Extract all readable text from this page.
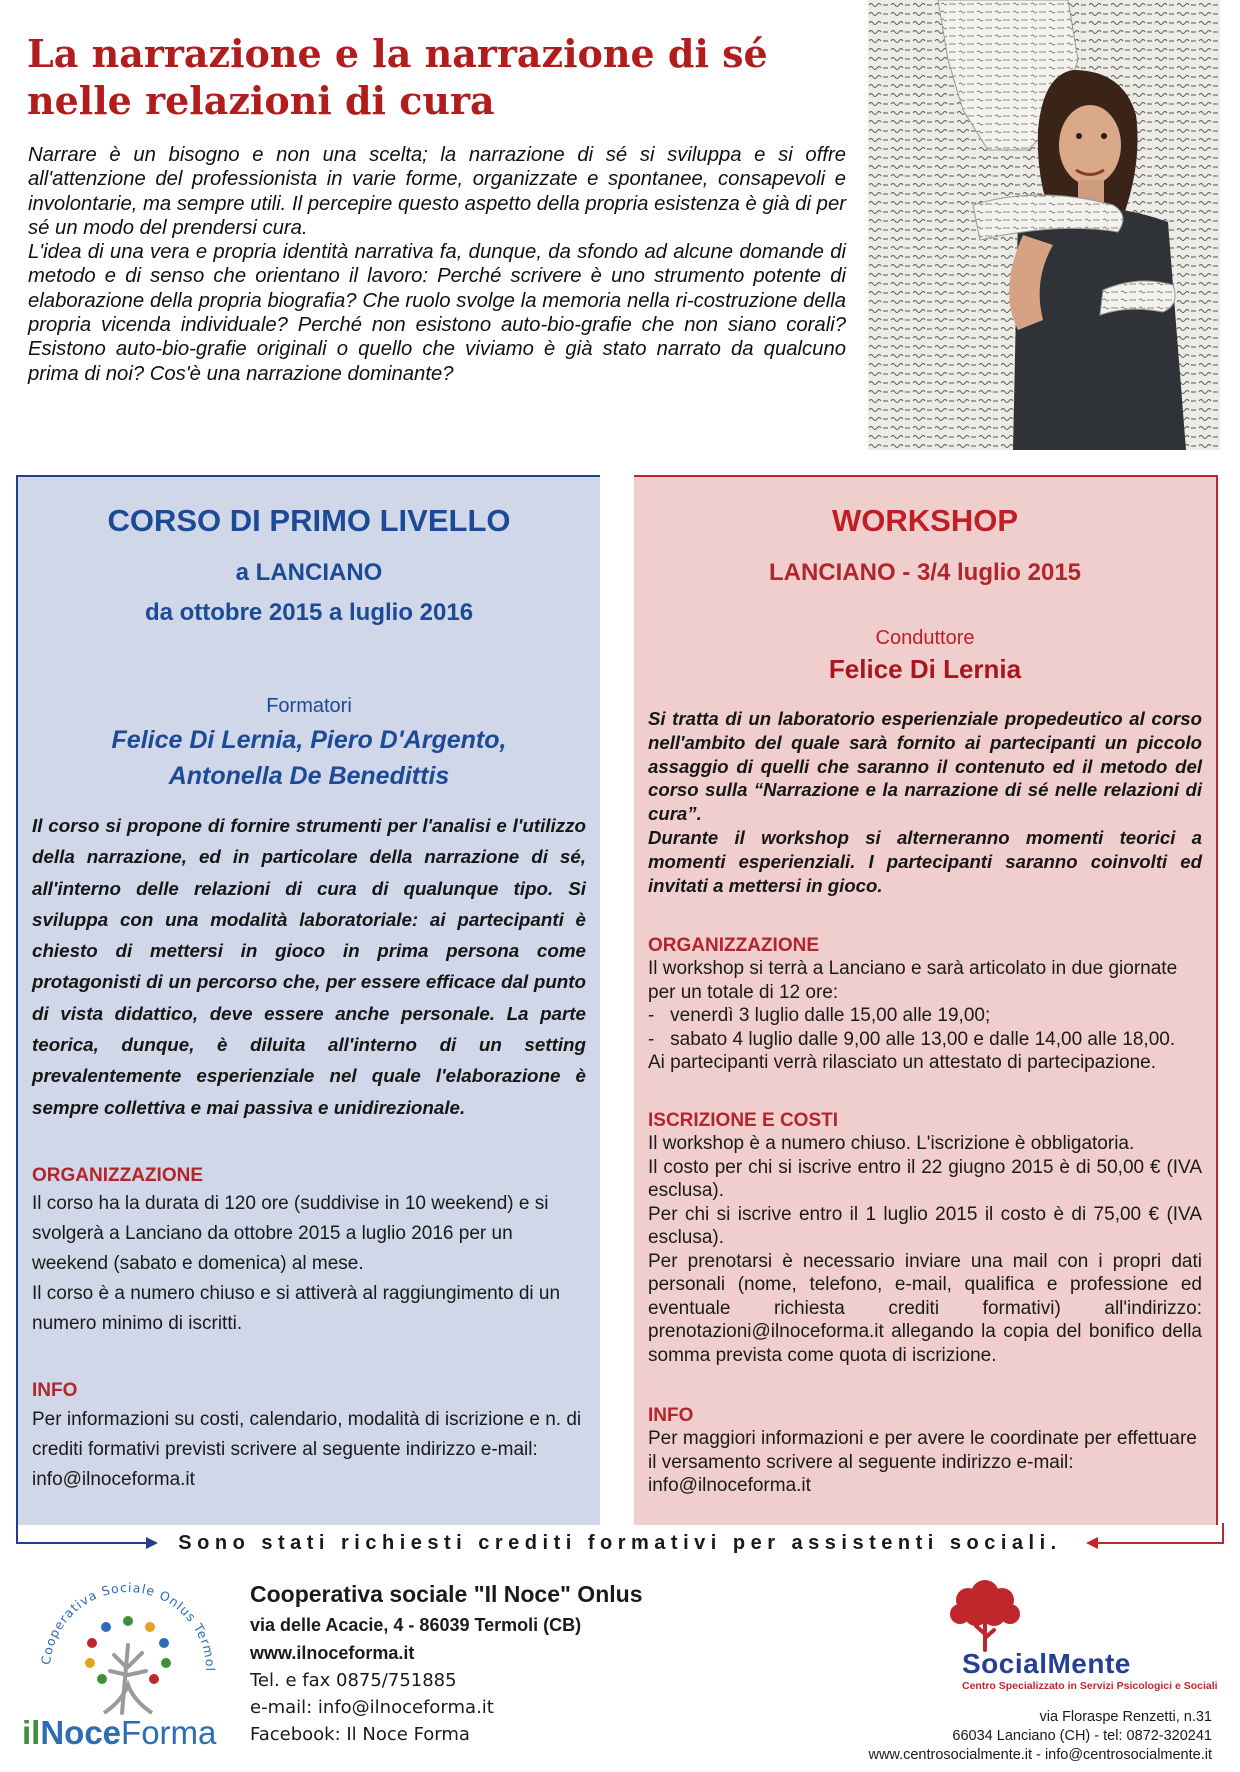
La narrazione e la narrazione di sé
nelle relazioni di cura

Narrare è un bisogno e non una scelta; la narrazione di sé si sviluppa e si offre all'attenzione del professionista in varie forme, organizzate e spontanee, consapevoli e involontarie, ma sempre utili. Il percepire questo aspetto della propria esistenza è già di per sé un modo del prendersi cura.

L'idea di una vera e propria identità narrativa fa, dunque, da sfondo ad alcune domande di metodo e di senso che orientano il lavoro: Perché scrivere è uno strumento potente di elaborazione della propria biografia? Che ruolo svolge la memoria nella ri-costruzione della propria vicenda individuale? Perché non esistono auto-bio-grafie che non siano corali? Esistono auto-bio-grafie originali o quello che viviamo è già stato narrato da qualcuno prima di noi? Cos'è una narrazione dominante?

CORSO DI PRIMO LIVELLO
a LANCIANO
da ottobre 2015 a luglio 2016
Formatori
Felice Di Lernia, Piero D'Argento,
Antonella De Benedittis

Il corso si propone di fornire strumenti per l'analisi e l'utilizzo della narrazione, ed in particolare della narrazione di sé, all'interno delle relazioni di cura di qualunque tipo. Si sviluppa con una modalità laboratoriale: ai partecipanti è chiesto di mettersi in gioco in prima persona come protagonisti di un percorso che, per essere efficace dal punto di vista didattico, deve essere anche personale. La parte teorica, dunque, è diluita all'interno di un setting prevalentemente esperienziale nel quale l'elaborazione è sempre collettiva e mai passiva e unidirezionale.

ORGANIZZAZIONE

Il corso ha la durata di 120 ore (suddivise in 10 weekend) e si svolgerà a Lanciano da ottobre 2015 a luglio 2016 per un weekend (sabato e domenica) al mese.

Il corso è a numero chiuso e si attiverà al raggiungimento di un numero minimo di iscritti.

INFO

Per informazioni su costi, calendario, modalità di iscrizione e n. di crediti formativi previsti scrivere al seguente indirizzo e-mail: info@ilnoceforma.it

WORKSHOP
LANCIANO - 3/4 luglio 2015
Conduttore
Felice Di Lernia

Si tratta di un laboratorio esperienziale propedeutico al corso nell'ambito del quale sarà fornito ai partecipanti un piccolo assaggio di quelli che saranno il contenuto ed il metodo del corso sulla “Narrazione e la narrazione di sé nelle relazioni di cura”.

Durante il workshop si alterneranno momenti teorici a momenti esperienziali. I partecipanti saranno coinvolti ed invitati a mettersi in gioco.

ORGANIZZAZIONE

Il workshop si terrà a Lanciano e sarà articolato in due giornate per un totale di 12 ore:

-   venerdì 3 luglio dalle 15,00 alle 19,00;

-   sabato 4 luglio dalle 9,00 alle 13,00 e dalle 14,00 alle 18,00.

Ai partecipanti verrà rilasciato un attestato di partecipazione.

ISCRIZIONE E COSTI

Il workshop è a numero chiuso. L'iscrizione è obbligatoria.

Il costo per chi si iscrive entro il 22 giugno 2015 è di 50,00 € (IVA esclusa).

Per chi si iscrive entro il 1 luglio 2015 il costo è di 75,00 € (IVA esclusa).

Per prenotarsi è necessario inviare una mail con i propri dati personali (nome, telefono, e-mail, qualifica e professione ed eventuale richiesta crediti formativi) all'indirizzo: prenotazioni@ilnoceforma.it allegando la copia del bonifico della somma prevista come quota di iscrizione.

INFO

Per maggiori informazioni e per avere le coordinate per effettuare il versamento scrivere al seguente indirizzo e-mail: info@ilnoceforma.it

Sono stati richiesti crediti formativi per assistenti sociali.
Cooperativa Sociale Onlus Termol
ilNoceForma
Cooperativa sociale "Il Noce" Onlus
via delle Acacie, 4 - 86039 Termoli (CB)
www.ilnoceforma.it
Tel. e fax 0875/751885
e-mail: info@ilnoceforma.it
Facebook: Il Noce Forma
SocialMente
Centro Specializzato in Servizi Psicologici e Sociali
via Floraspe Renzetti, n.31
66034 Lanciano (CH) - tel: 0872-320241
www.centrosocialmente.it - info@centrosocialmente.it
